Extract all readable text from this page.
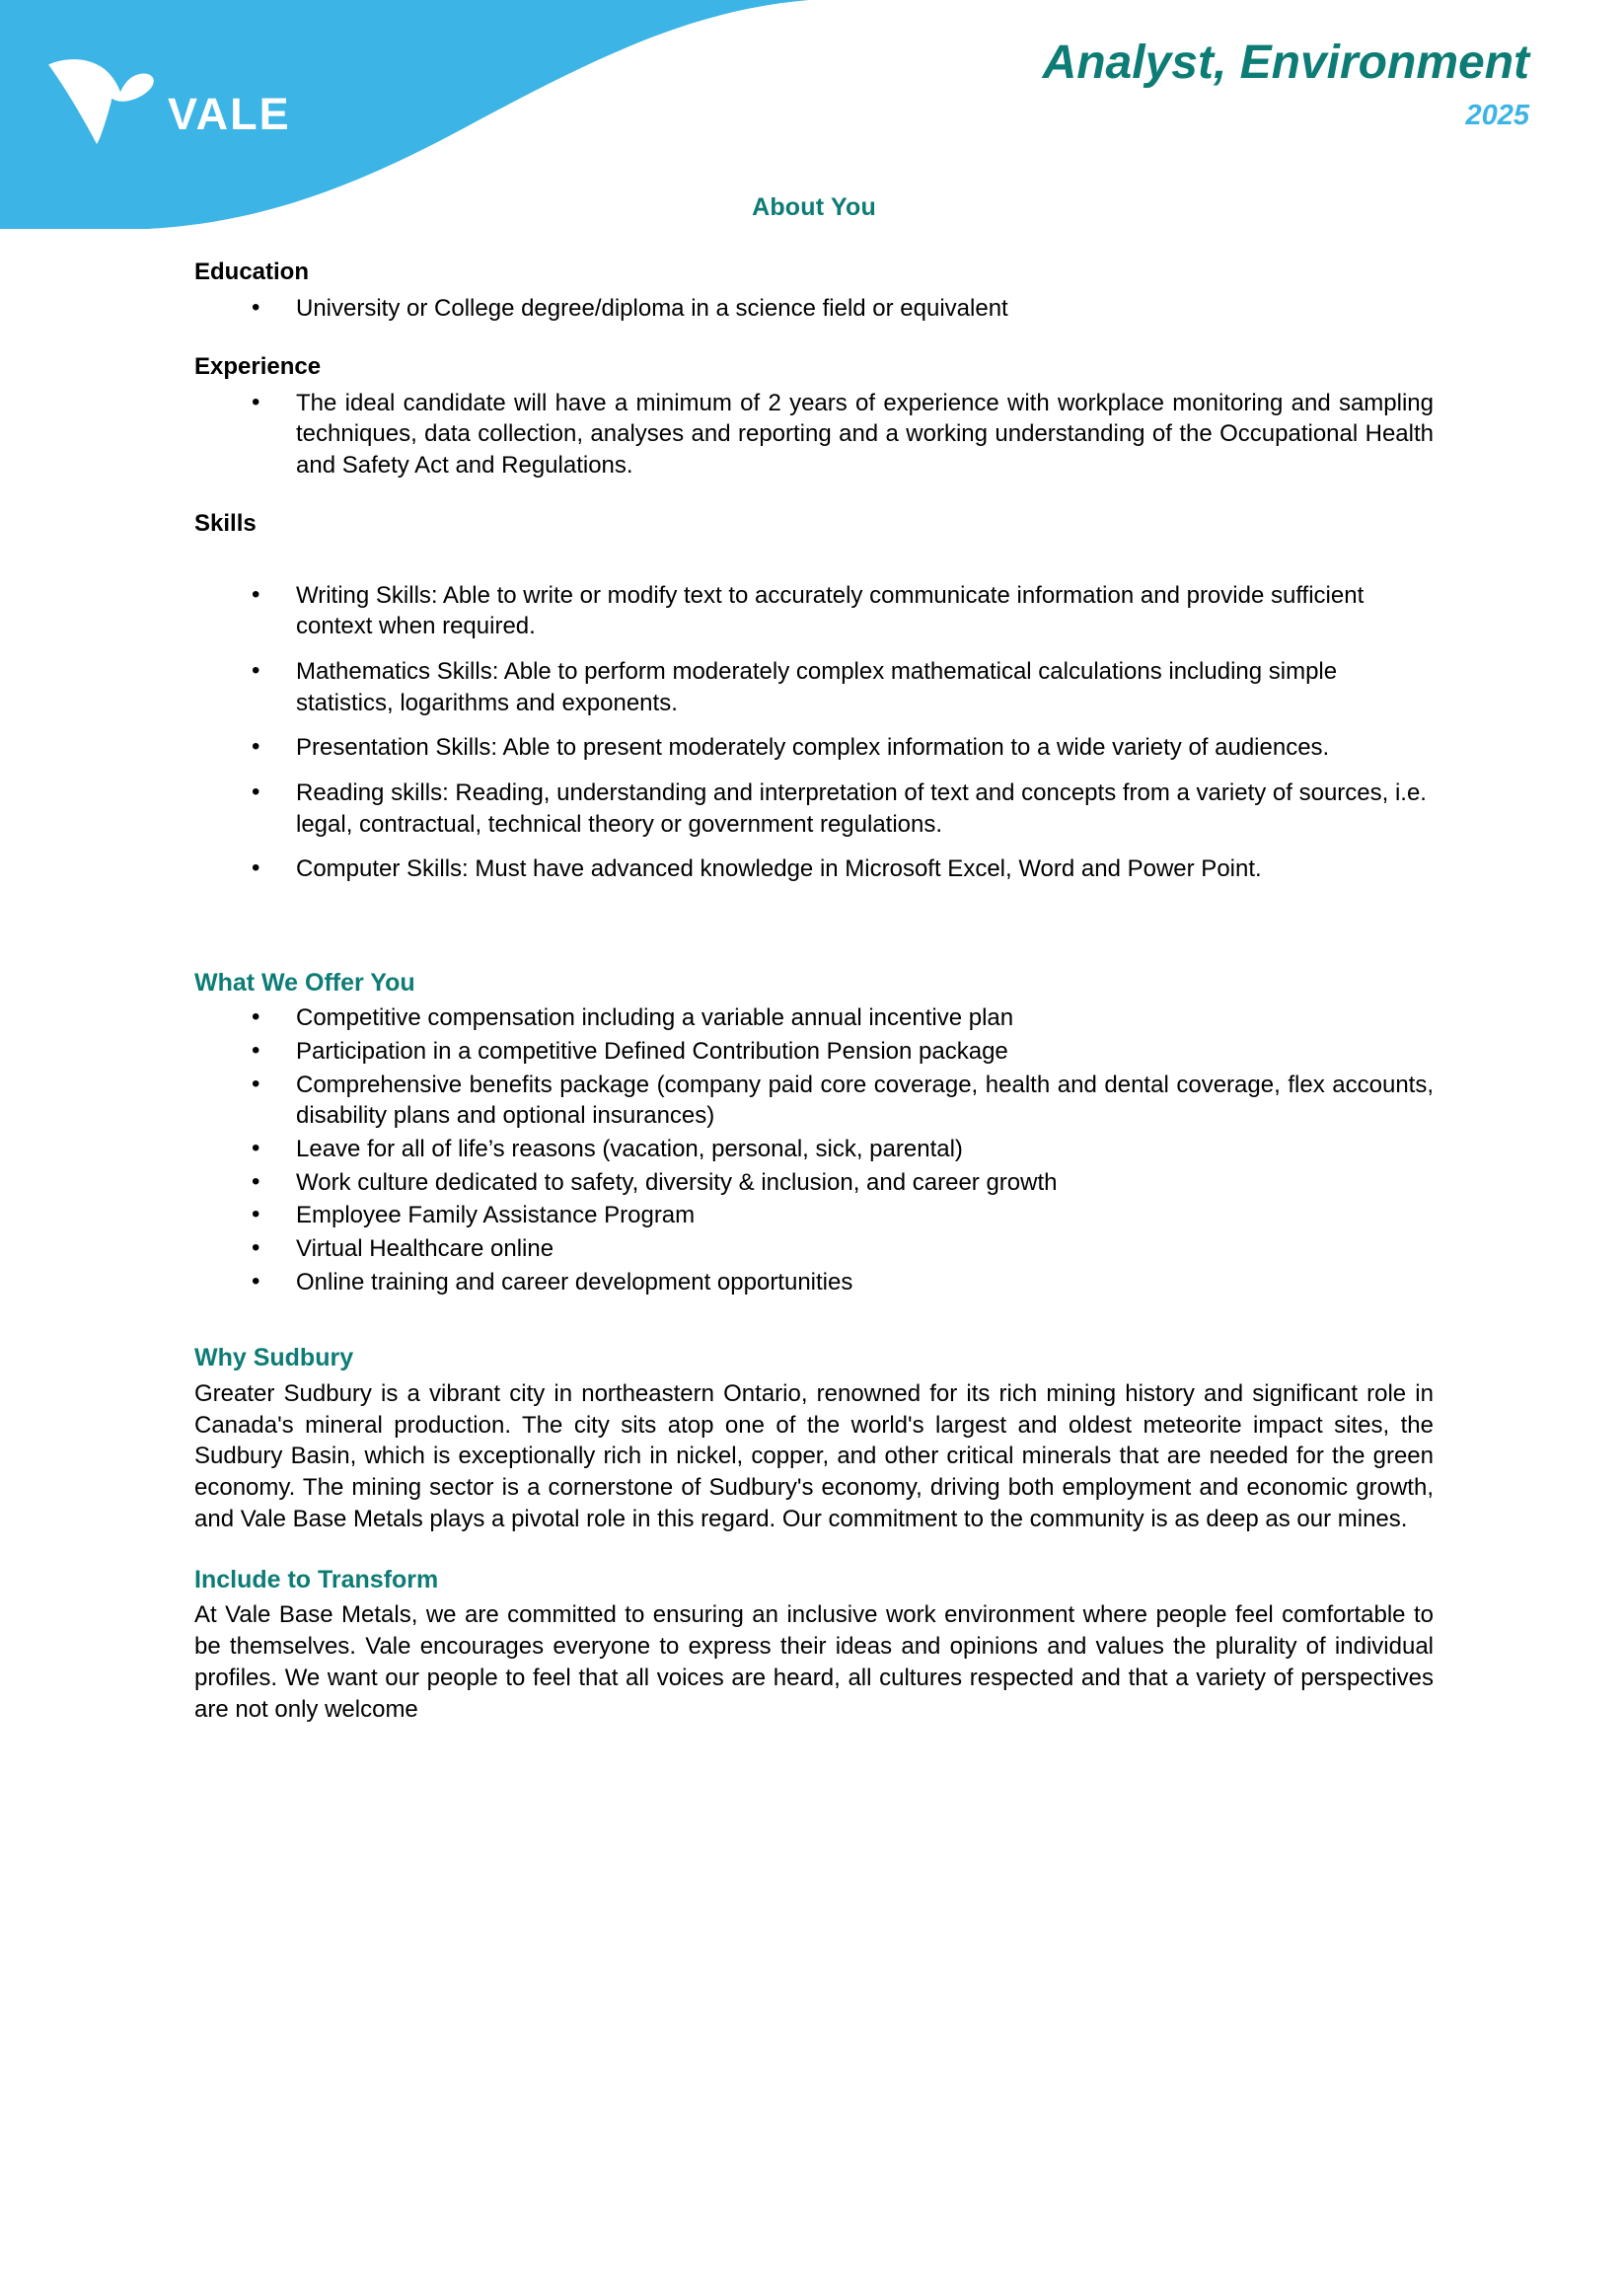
VALE
Analyst, Environment
2025
About You
Education
• University or College degree/diploma in a science field or equivalent
Experience
• The ideal candidate will have a minimum of 2 years of experience with workplace monitoring and sampling techniques, data collection, analyses and reporting and a working understanding of the Occupational Health and Safety Act and Regulations.
Skills
• Writing Skills: Able to write or modify text to accurately communicate information and provide sufficient context when required.
• Mathematics Skills: Able to perform moderately complex mathematical calculations including simple statistics, logarithms and exponents.
• Presentation Skills: Able to present moderately complex information to a wide variety of audiences.
• Reading skills: Reading, understanding and interpretation of text and concepts from a variety of sources, i.e. legal, contractual, technical theory or government regulations.
• Computer Skills: Must have advanced knowledge in Microsoft Excel, Word and Power Point.
What We Offer You
• Competitive compensation including a variable annual incentive plan
• Participation in a competitive Defined Contribution Pension package
• Comprehensive benefits package (company paid core coverage, health and dental coverage, flex accounts, disability plans and optional insurances)
• Leave for all of life’s reasons (vacation, personal, sick, parental)
• Work culture dedicated to safety, diversity & inclusion, and career growth
• Employee Family Assistance Program
• Virtual Healthcare online
• Online training and career development opportunities
Why Sudbury

Greater Sudbury is a vibrant city in northeastern Ontario, renowned for its rich mining history and significant role in Canada's mineral production. The city sits atop one of the world's largest and oldest meteorite impact sites, the Sudbury Basin, which is exceptionally rich in nickel, copper, and other critical minerals that are needed for the green economy. The mining sector is a cornerstone of Sudbury's economy, driving both employment and economic growth, and Vale Base Metals plays a pivotal role in this regard. Our commitment to the community is as deep as our mines.

Include to Transform

At Vale Base Metals, we are committed to ensuring an inclusive work environment where people feel comfortable to be themselves. Vale encourages everyone to express their ideas and opinions and values the plurality of individual profiles. We want our people to feel that all voices are heard, all cultures respected and that a variety of perspectives are not only welcome
